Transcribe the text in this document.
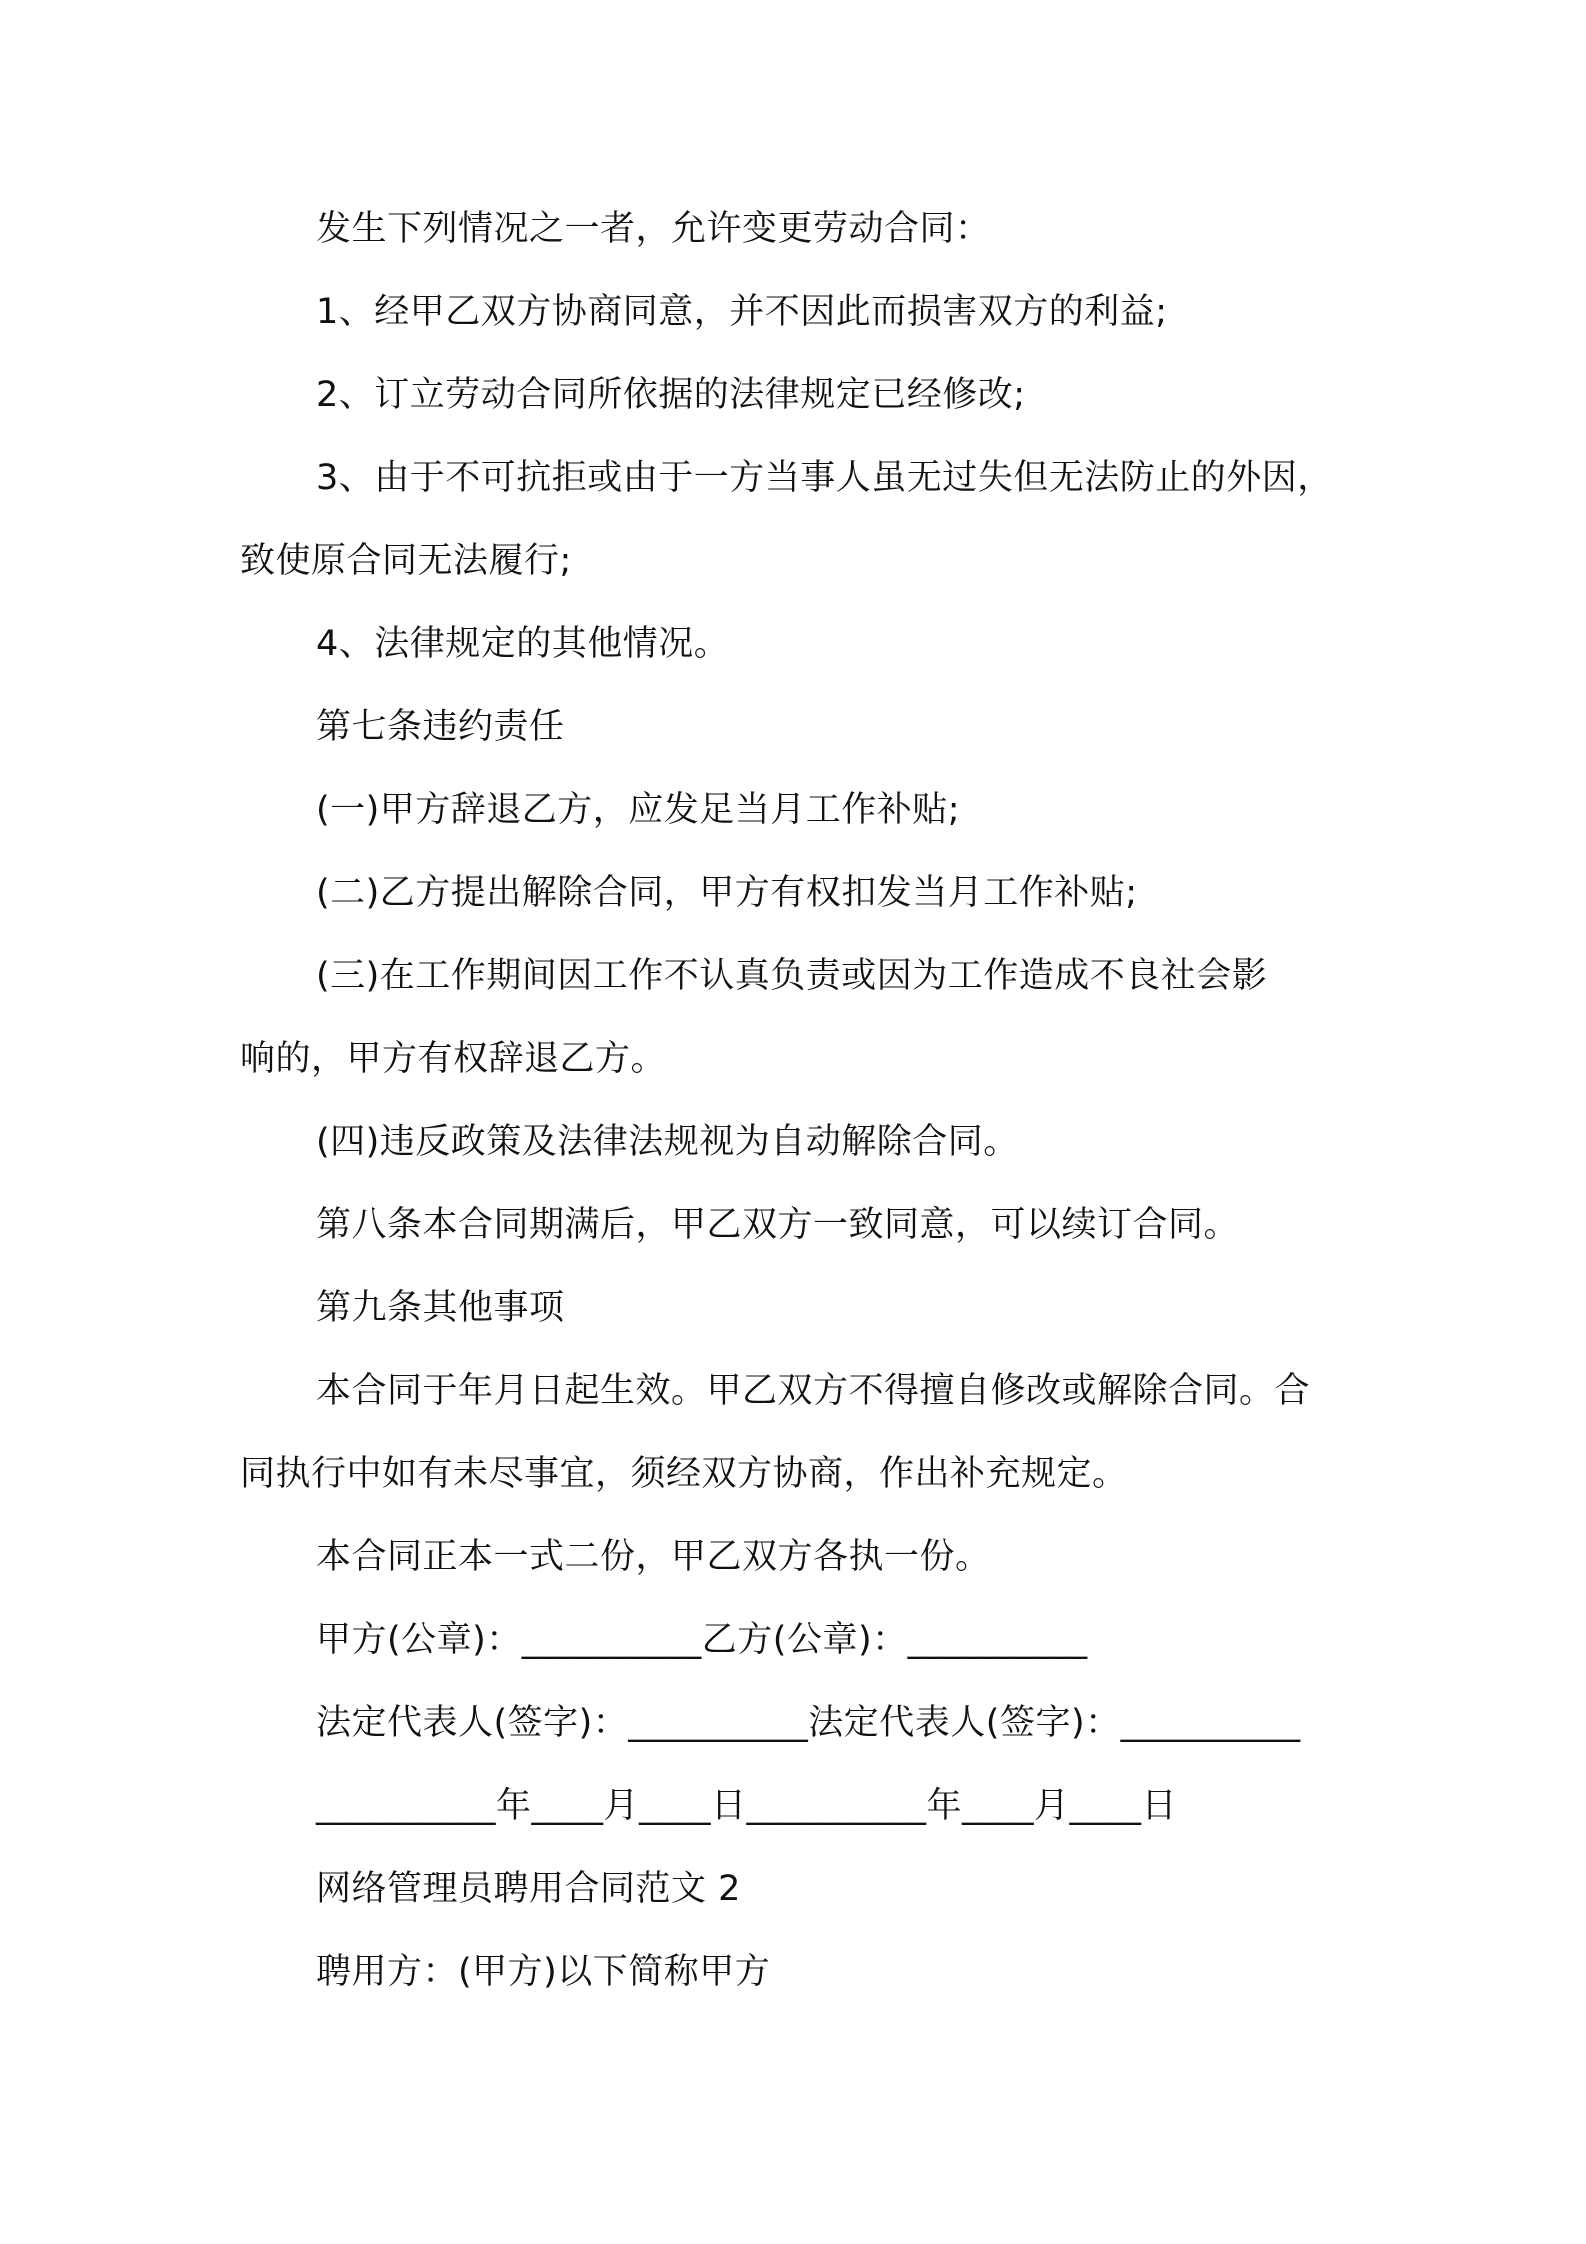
发生下列情况之一者，允许变更劳动合同：
1、经甲乙双方协商同意，并不因此而损害双方的利益;
2、订立劳动合同所依据的法律规定已经修改;
3、由于不可抗拒或由于一方当事人虽无过失但无法防止的外因，
致使原合同无法履行;
4、法律规定的其他情况。
第七条违约责任
(一)甲方辞退乙方，应发足当月工作补贴;
(二)乙方提出解除合同，甲方有权扣发当月工作补贴;
(三)在工作期间因工作不认真负责或因为工作造成不良社会影
响的，甲方有权辞退乙方。
(四)违反政策及法律法规视为自动解除合同。
第八条本合同期满后，甲乙双方一致同意，可以续订合同。
第九条其他事项
本合同于年月日起生效。甲乙双方不得擅自修改或解除合同。合
同执行中如有未尽事宜，须经双方协商，作出补充规定。
本合同正本一式二份，甲乙双方各执一份。
甲方(公章)：__________乙方(公章)：__________
法定代表人(签字)：__________法定代表人(签字)：__________
__________年____月____日__________年____月____日
网络管理员聘用合同范文 2
聘用方：(甲方)以下简称甲方
